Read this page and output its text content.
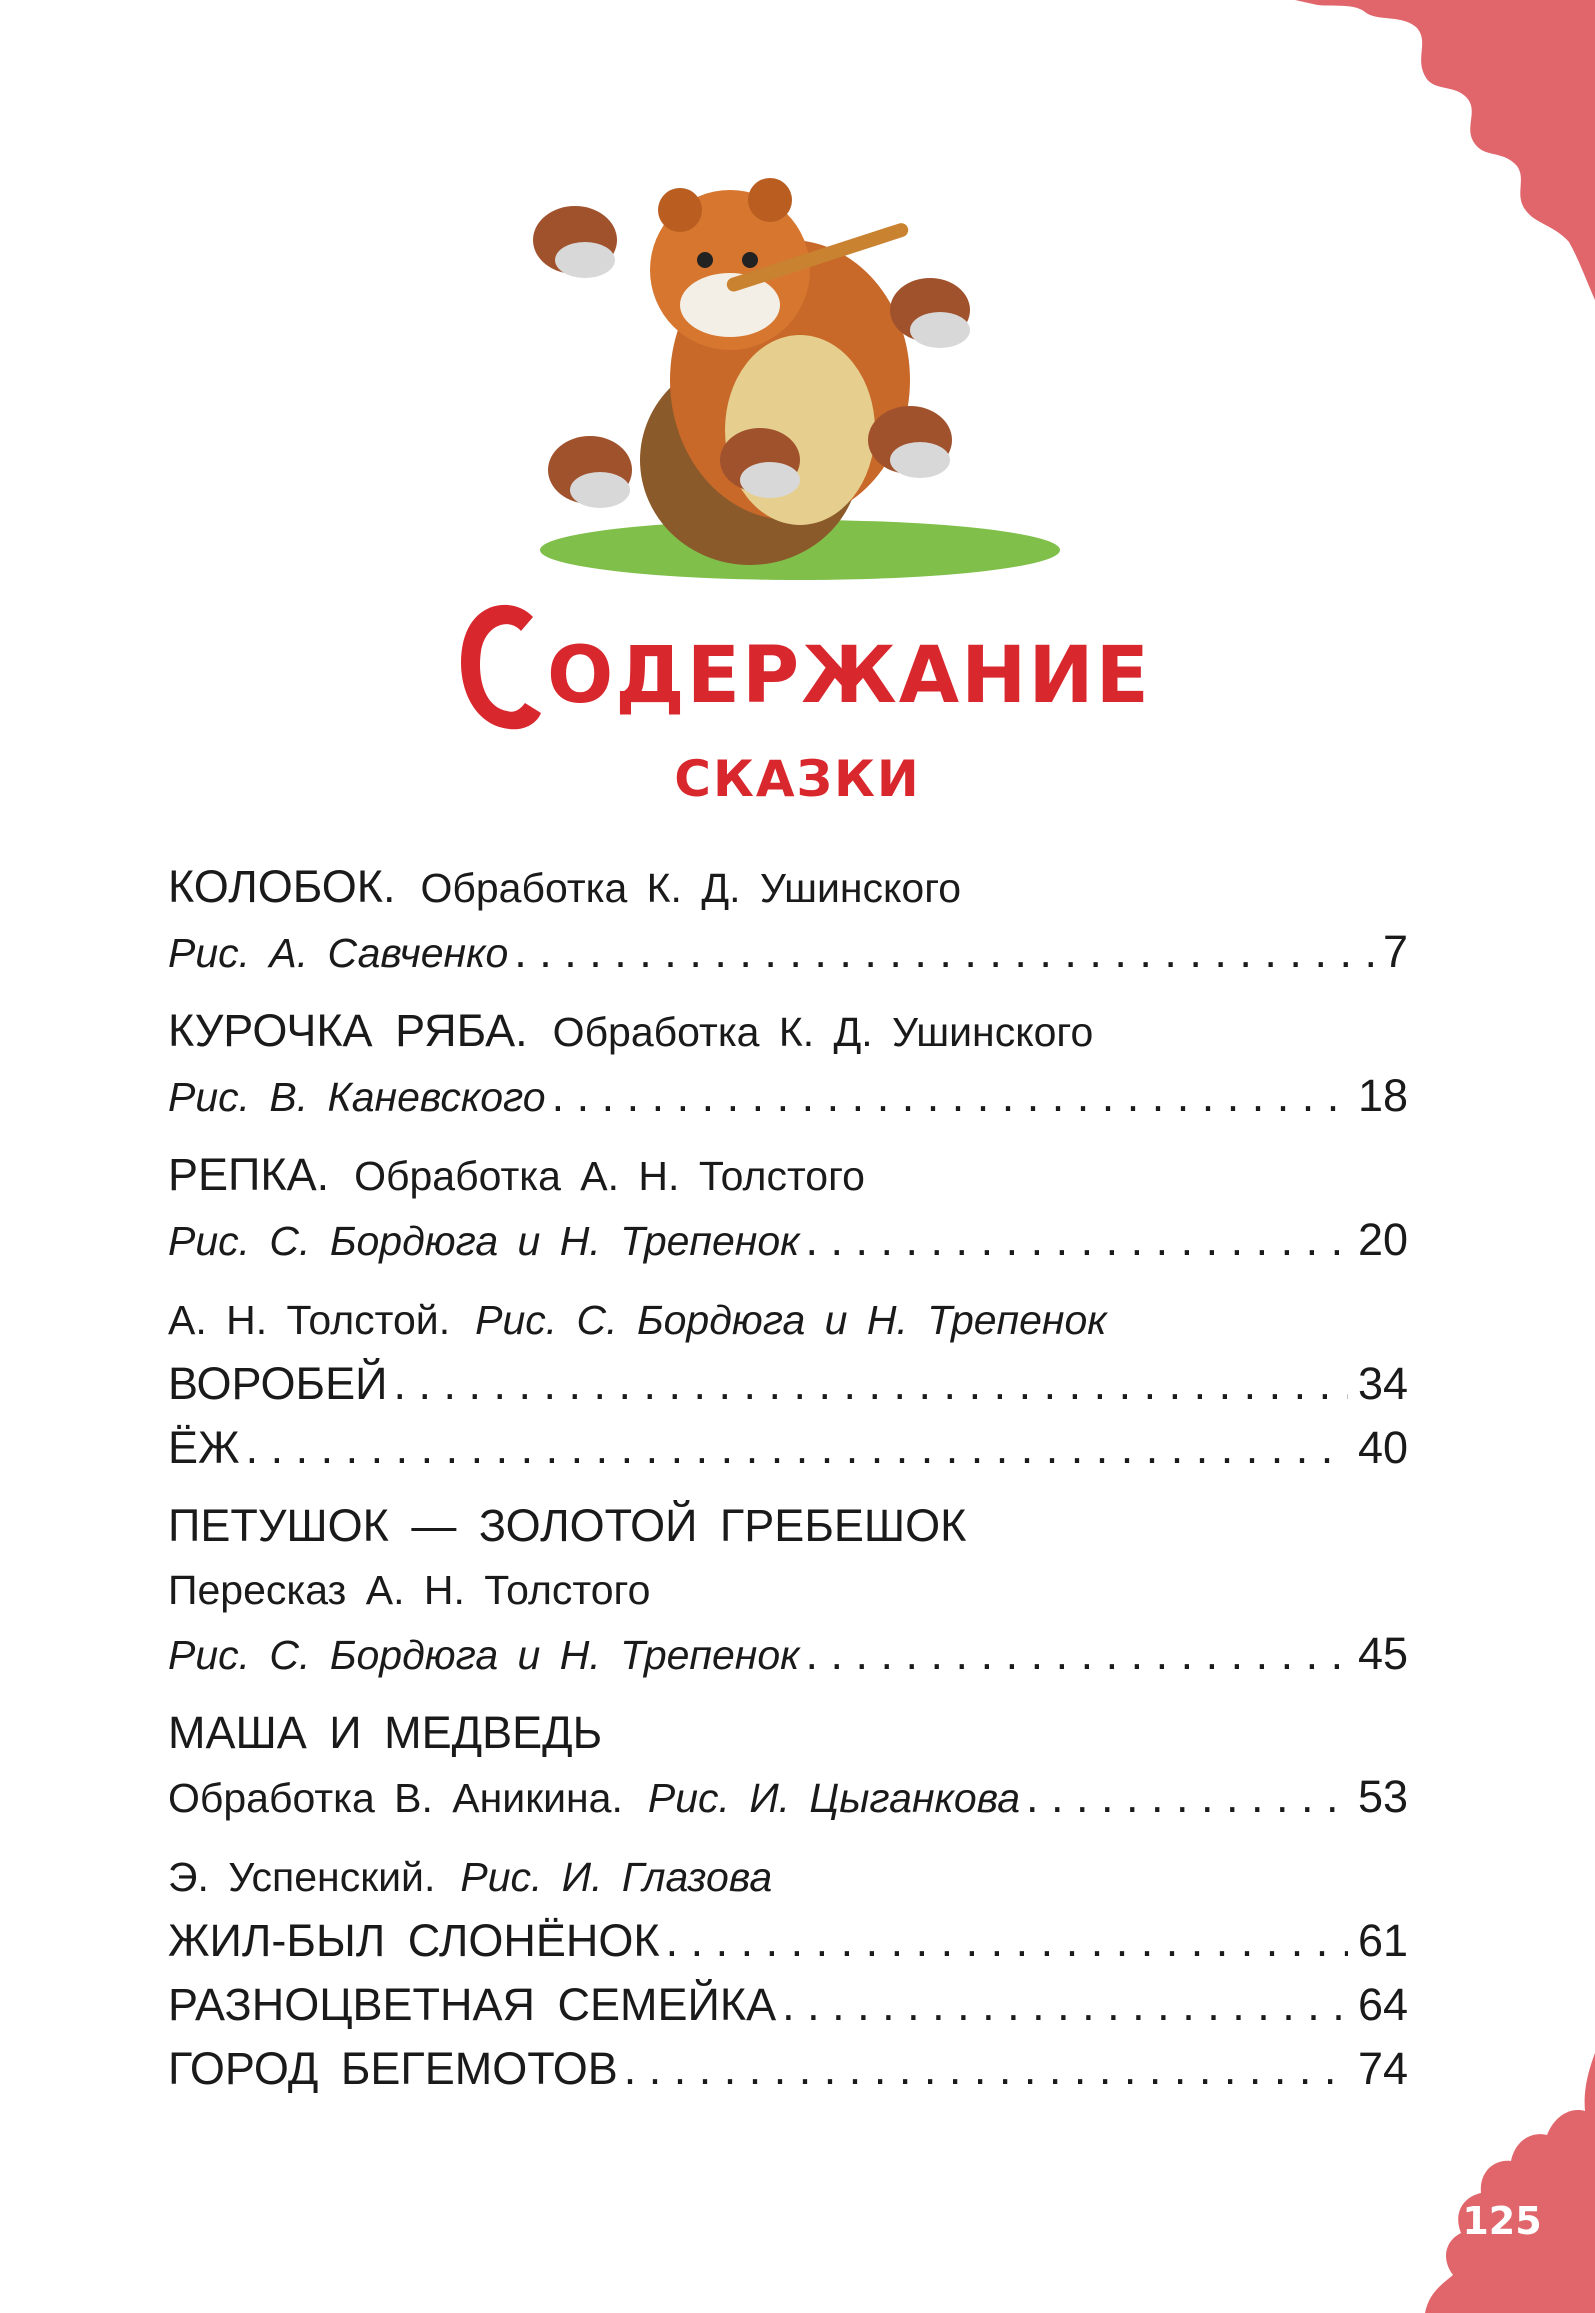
125
ОДЕРЖАНИЕ
СКАЗКИ
КОЛОБОК.
Обработка К. Д. Ушинского
Рис. А. Савченко . . .	7
КУРОЧКА РЯБА.
Обработка К. Д. Ушинского
Рис. В. Каневского . . .	18
РЕПКА.
Обработка А. Н. Толстого
Рис. С. Бордюга и Н. Трепенок . . .	20
А. Н. Толстой.
Рис. С. Бордюга и Н. Трепенок
ВОРОБЕЙ . . .	34
ЁЖ . . .	40
ПЕТУШОК — ЗОЛОТОЙ ГРЕБЕШОК
Пересказ А. Н. Толстого
Рис. С. Бордюга и Н. Трепенок . . .	45
МАША И МЕДВЕДЬ
Обработка В. Аникина.
Рис. И. Цыганкова . . .	53
Э. Успенский.
Рис. И. Глазова
ЖИЛ-БЫЛ СЛОНЁНОК . . .	61
РАЗНОЦВЕТНАЯ СЕМЕЙКА . . .	64
ГОРОД БЕГЕМОТОВ . . .	74
